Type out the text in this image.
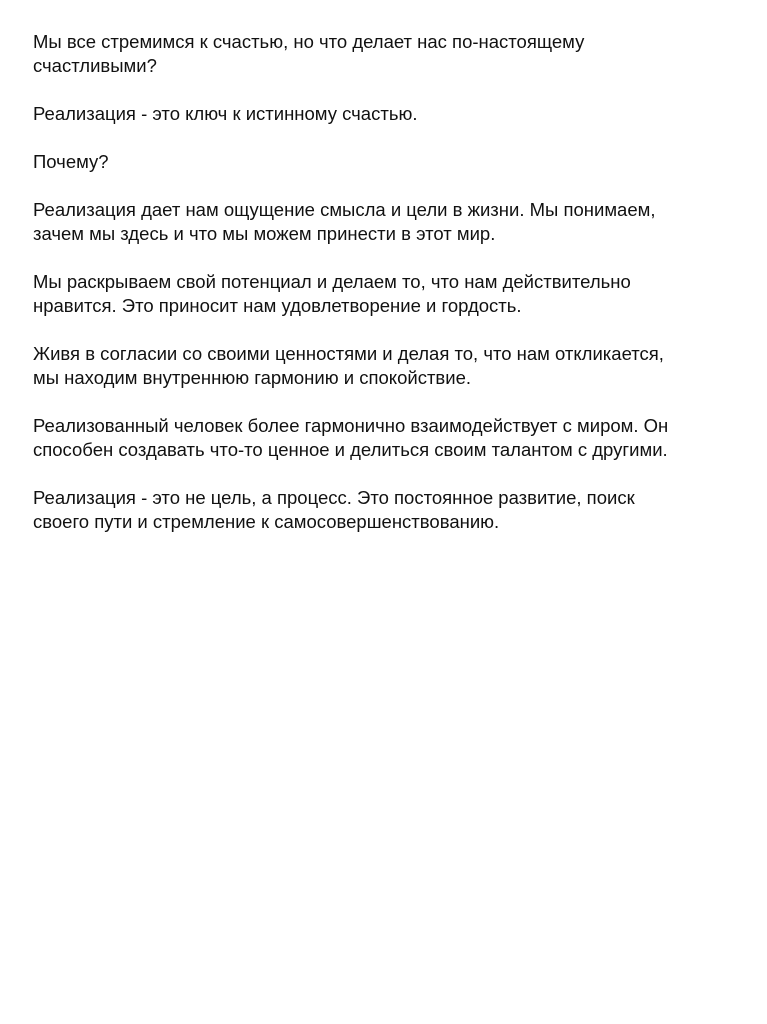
Мы все стремимся к счастью, но что делает нас по-настоящему
счастливыми?

Реализация - это ключ к истинному счастью.

Почему?

Реализация дает нам ощущение смысла и цели в жизни. Мы понимаем,
зачем мы здесь и что мы можем принести в этот мир.

Мы раскрываем свой потенциал и делаем то, что нам действительно
нравится. Это приносит нам удовлетворение и гордость.

Живя в согласии со своими ценностями и делая то, что нам откликается,
мы находим внутреннюю гармонию и спокойствие.

Реализованный человек более гармонично взаимодействует с миром. Он
способен создавать что-то ценное и делиться своим талантом с другими.

Реализация - это не цель, а процесс. Это постоянное развитие, поиск
своего пути и стремление к самосовершенствованию.
